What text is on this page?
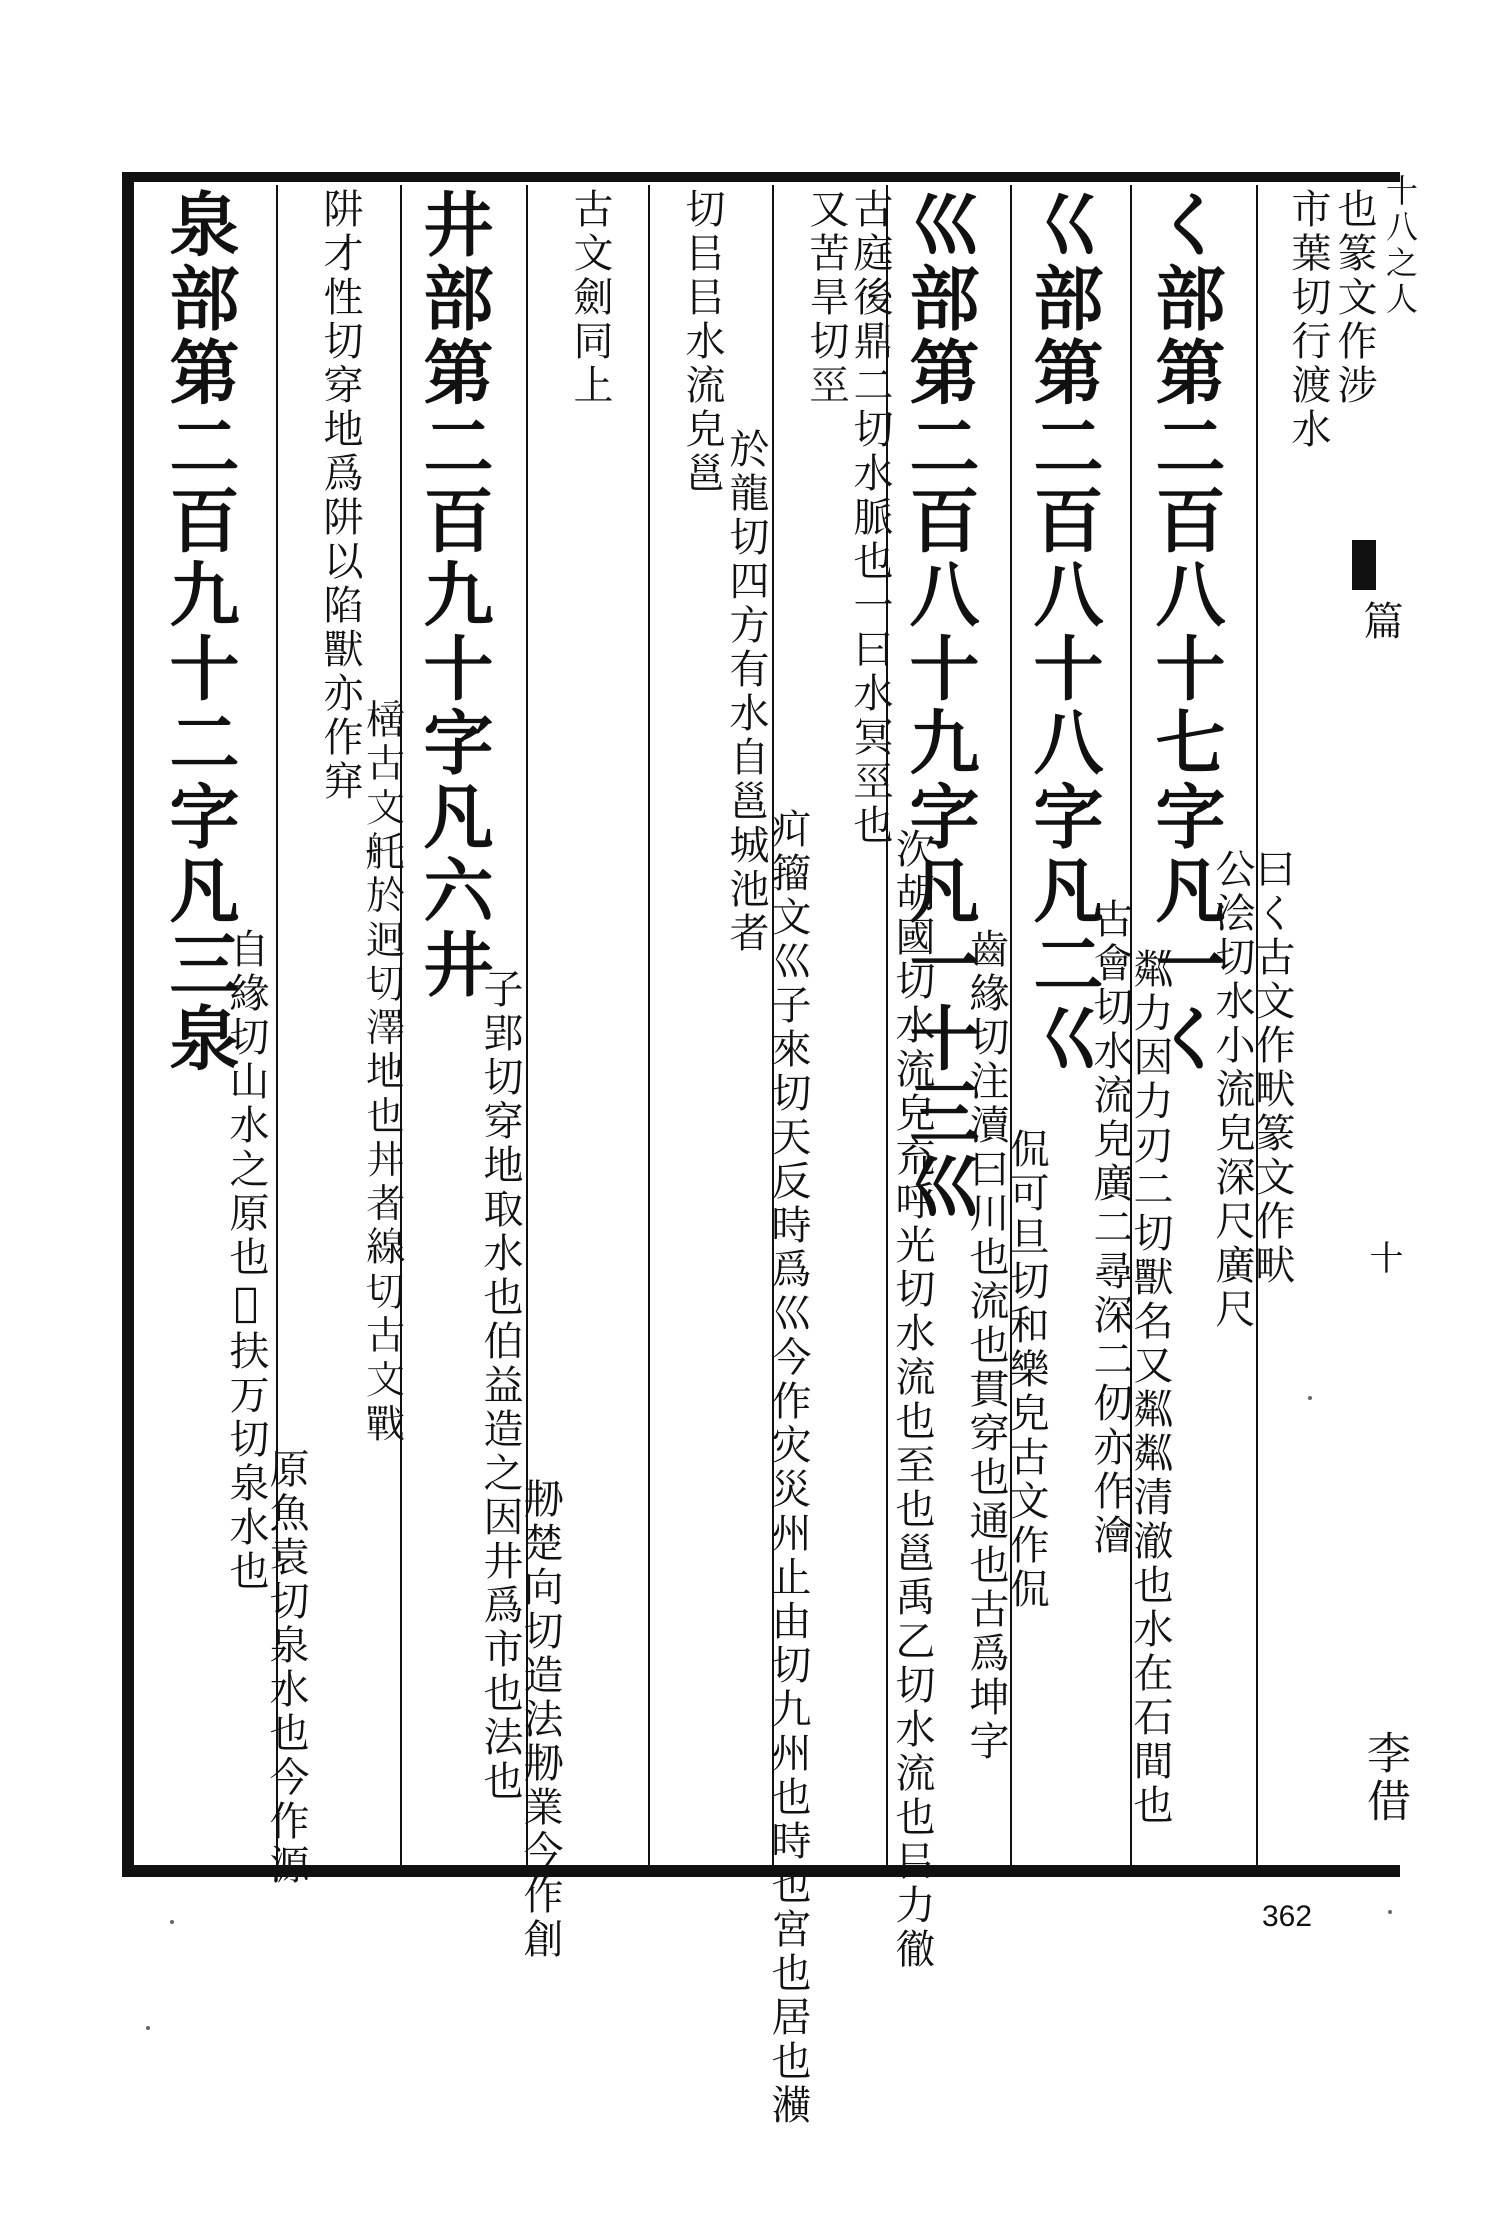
市葉切行渡水 也篆文作涉
く部第二百八十七字凡一く
公浍切水小流皃深尺廣尺
曰く古文作畎篆文作畎
巜部第二百八十八字凡二巜
古會切水流皃廣二尋深二仞亦作澮
粼力因力刃二切獸名又粼粼清澈也水在石間也
巛部第二百八十九字凡一十三巛
齒緣切注瀆曰川也流也貫穿也通也古爲坤字
侃可旦切和樂皃古文作侃
又苦旱切巠
古庭後鼎二切水脈也一曰水冥巠也
㳄胡國切水流皃㐬呼光切水流也至也邕禹乙切水流也㠯力徹
切㠯㠯水流皃邕
於龍切四方有水自邕城池者
㽱籀文巛子來切天反時爲巛今作灾災州止由切九州也時也宮也居也㶇
古文劍同上
井部第二百九十字凡六井
子郢切穿地取水也伯益造之因井爲市也法也
刱楚向切造法刱業今作創
阱才性切穿地爲阱以陷獸亦作穽
𣚍古文𦨎於迥切澤地也丼者線切古文戰
泉部第二百九十二字凡三泉
自緣切山水之原也𡖚扶万切泉水也
原魚袁切泉水也今作源
十八之人
篇
十
李借
362
